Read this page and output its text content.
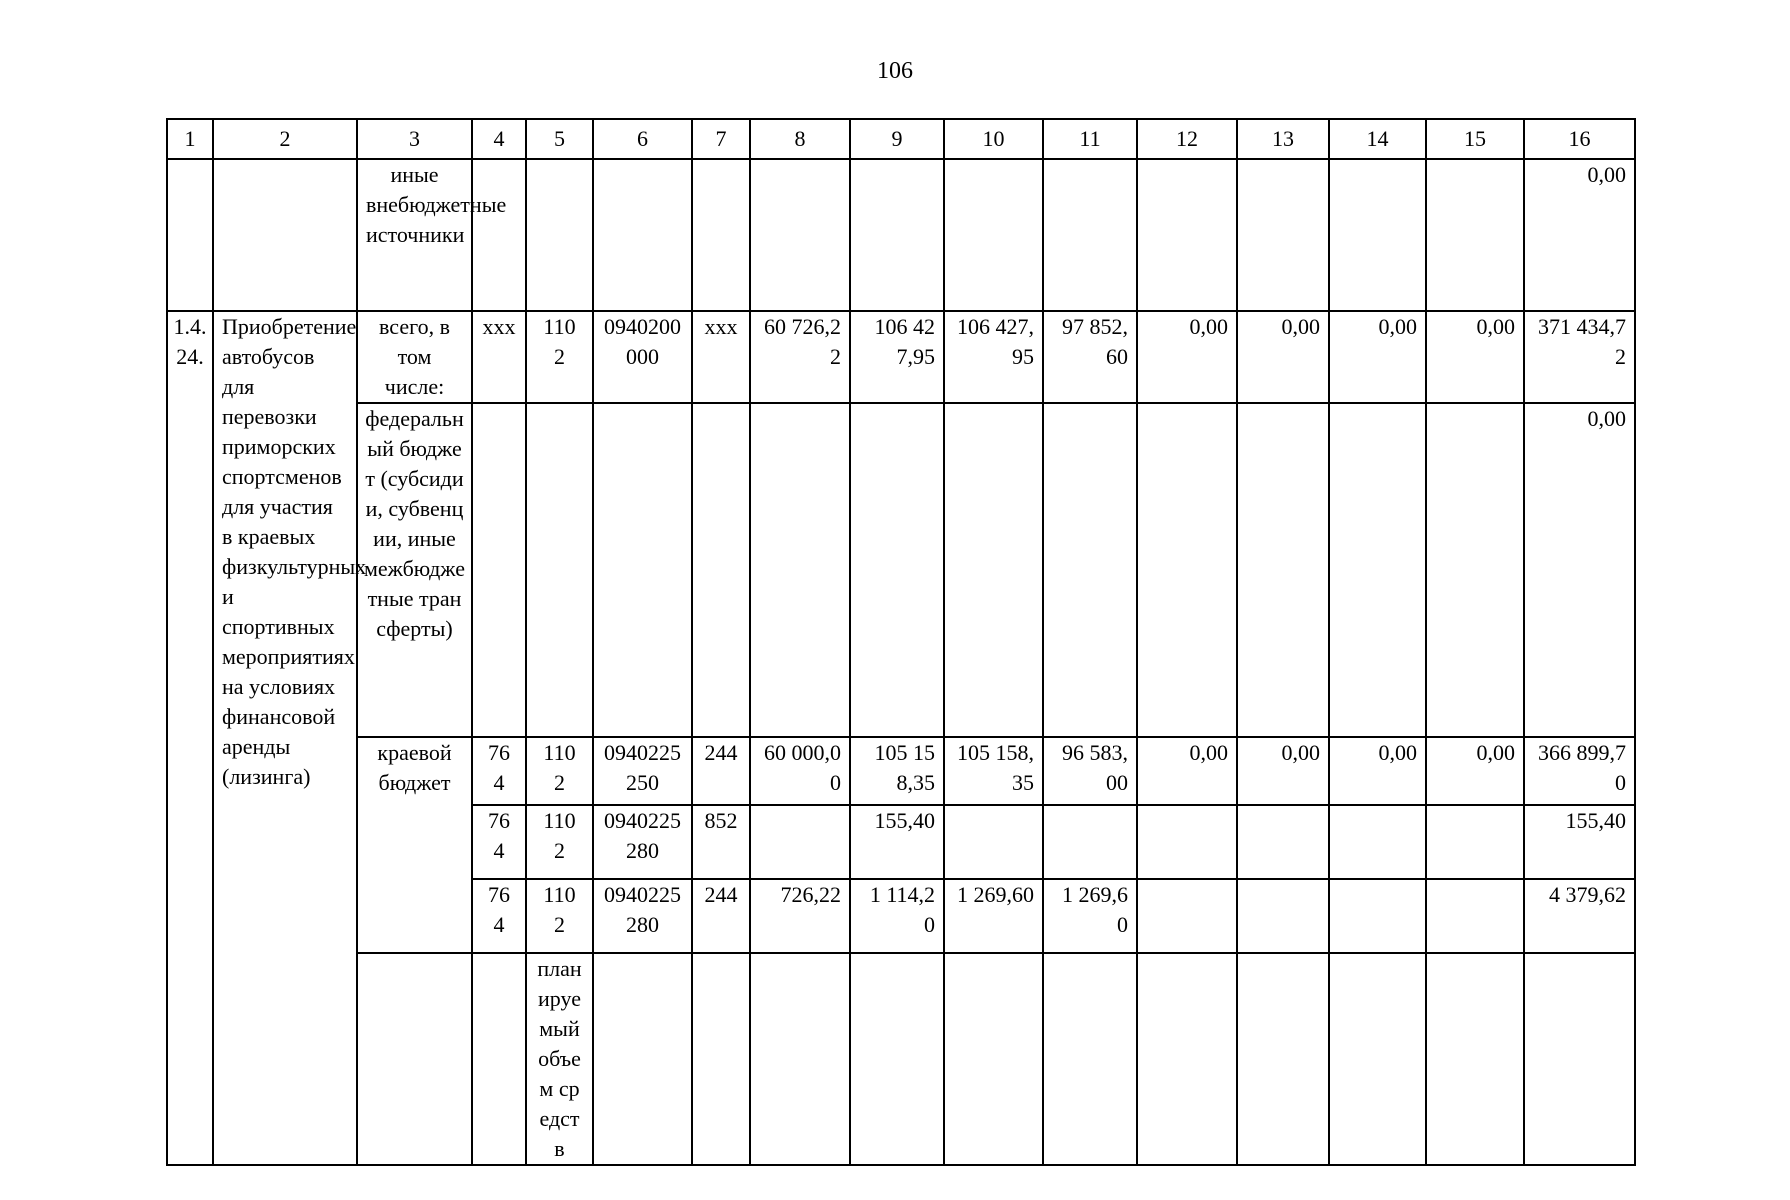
106
1	2	3	4	5	6	7	8	9	10	11	12	13	14	15	16	
		иные внебюджетные источники													0,00	
1.4.24.	Приобретение автобусов для перевозки приморских спортсменов для участия в краевых физкультурных и спортивных мероприятиях на условиях финансовой аренды (лизинга)	всего, в том числе:	ххх	1102	0940200000	ххх	60 726,22	106 427,95	106 427,95	97 852,60	0,00	0,00	0,00	0,00	371 434,72	
		федеральный бюджет (субсидии, субвенции, иные межбюджетные трансферты)													0,00	
		краевой бюджет	764	1102	0940225250	244	60 000,00	105 158,35	105 158,35	96 583,00	0,00	0,00	0,00	0,00	366 899,70	
			764	1102	0940225280	852		155,40							155,40	
			764	1102	0940225280	244	726,22	1 114,20	1 269,60	1 269,60					4 379,62	
				планируемый объем средств													
